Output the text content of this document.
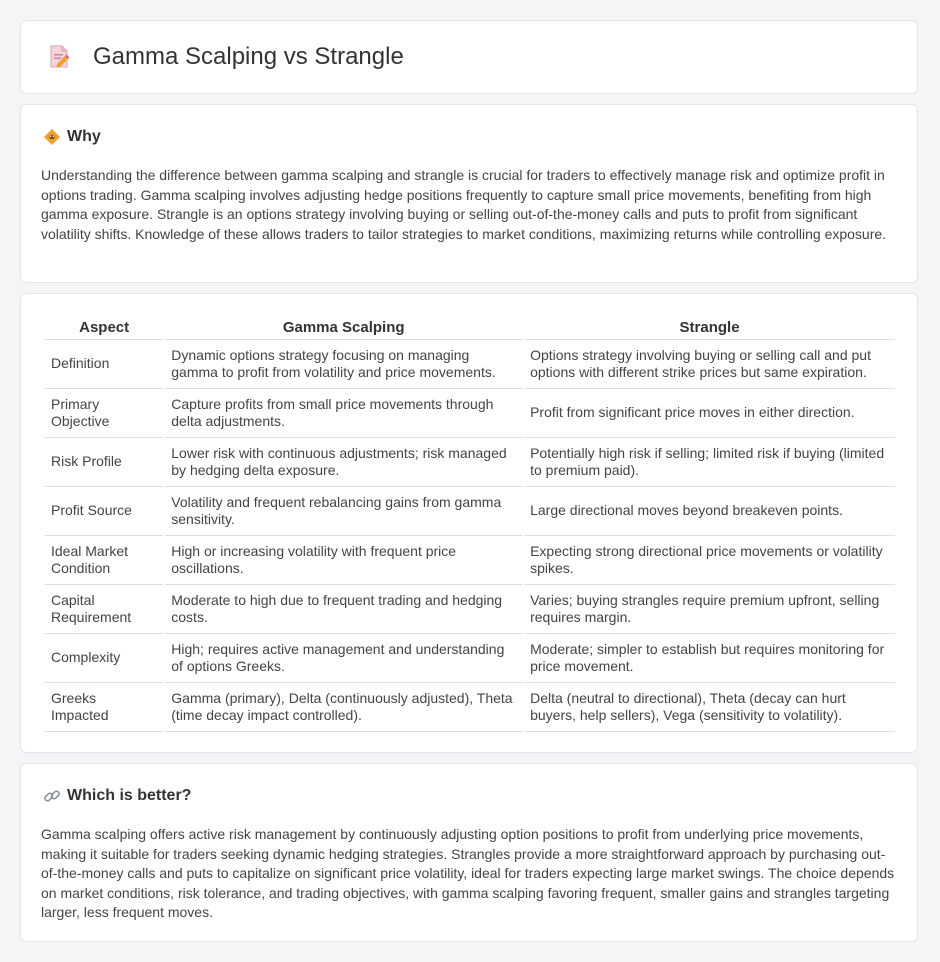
Gamma Scalping vs Strangle
Why

Understanding the difference between gamma scalping and strangle is crucial for traders to effectively manage risk and optimize profit in options trading. Gamma scalping involves adjusting hedge positions frequently to capture small price movements, benefiting from high gamma exposure. Strangle is an options strategy involving buying or selling out-of-the-money calls and puts to profit from significant volatility shifts. Knowledge of these allows traders to tailor strategies to market conditions, maximizing returns while controlling exposure.

Aspect	Gamma Scalping	Strangle
Definition	Dynamic options strategy focusing on managing gamma to profit from volatility and price movements.	Options strategy involving buying or selling call and put options with different strike prices but same expiration.
Primary Objective	Capture profits from small price movements through delta adjustments.	Profit from significant price moves in either direction.
Risk Profile	Lower risk with continuous adjustments; risk managed by hedging delta exposure.	Potentially high risk if selling; limited risk if buying (limited to premium paid).
Profit Source	Volatility and frequent rebalancing gains from gamma sensitivity.	Large directional moves beyond breakeven points.
Ideal Market Condition	High or increasing volatility with frequent price oscillations.	Expecting strong directional price movements or volatility spikes.
Capital Requirement	Moderate to high due to frequent trading and hedging costs.	Varies; buying strangles require premium upfront, selling requires margin.
Complexity	High; requires active management and understanding of options Greeks.	Moderate; simpler to establish but requires monitoring for price movement.
Greeks Impacted	Gamma (primary), Delta (continuously adjusted), Theta (time decay impact controlled).	Delta (neutral to directional), Theta (decay can hurt buyers, help sellers), Vega (sensitivity to volatility).
Which is better?

Gamma scalping offers active risk management by continuously adjusting option positions to profit from underlying price movements, making it suitable for traders seeking dynamic hedging strategies. Strangles provide a more straightforward approach by purchasing out-of-the-money calls and puts to capitalize on significant price volatility, ideal for traders expecting large market swings. The choice depends on market conditions, risk tolerance, and trading objectives, with gamma scalping favoring frequent, smaller gains and strangles targeting larger, less frequent moves.
